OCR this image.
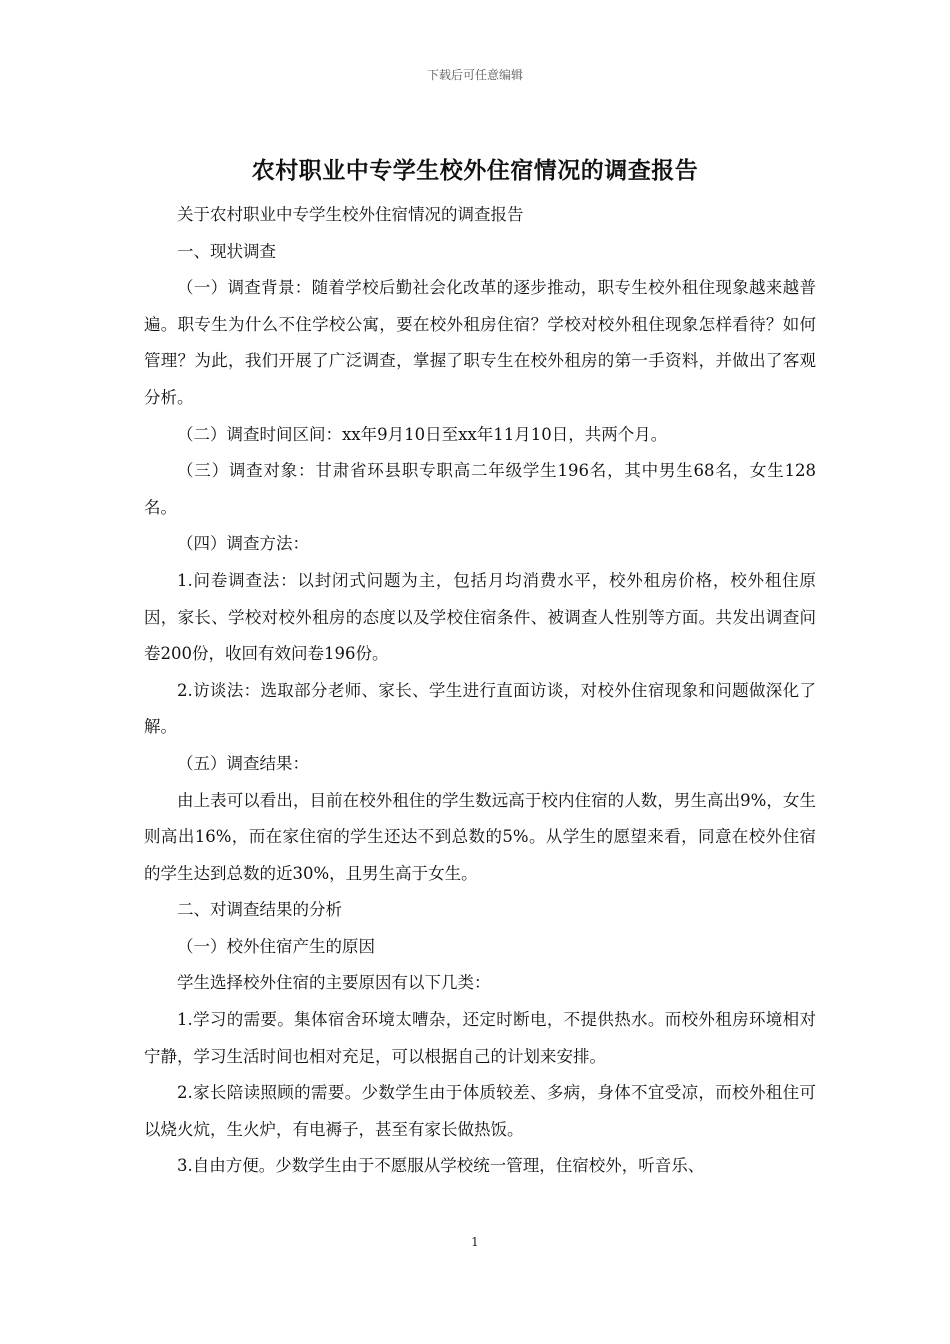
下载后可任意编辑
农村职业中专学生校外住宿情况的调查报告

关于农村职业中专学生校外住宿情况的调查报告

一、现状调查

（一）调查背景：随着学校后勤社会化改革的逐步推动，职专生校外租住现象越来越普遍。职专生为什么不住学校公寓，要在校外租房住宿？学校对校外租住现象怎样看待？如何管理？为此，我们开展了广泛调查，掌握了职专生在校外租房的第一手资料，并做出了客观分析。

（二）调查时间区间：xx年9月10日至xx年11月10日，共两个月。

（三）调查对象：甘肃省环县职专职高二年级学生196名，其中男生68名，女生128名。

（四）调查方法：

1.问卷调查法：以封闭式问题为主，包括月均消费水平，校外租房价格，校外租住原因，家长、学校对校外租房的态度以及学校住宿条件、被调查人性别等方面。共发出调查问卷200份，收回有效问卷196份。

2.访谈法：选取部分老师、家长、学生进行直面访谈，对校外住宿现象和问题做深化了解。

（五）调查结果：

由上表可以看出，目前在校外租住的学生数远高于校内住宿的人数，男生高出9%，女生则高出16%，而在家住宿的学生还达不到总数的5%。从学生的愿望来看，同意在校外住宿的学生达到总数的近30%，且男生高于女生。

二、对调查结果的分析

（一）校外住宿产生的原因

学生选择校外住宿的主要原因有以下几类：

1.学习的需要。集体宿舍环境太嘈杂，还定时断电，不提供热水。而校外租房环境相对宁静，学习生活时间也相对充足，可以根据自己的计划来安排。

2.家长陪读照顾的需要。少数学生由于体质较差、多病，身体不宜受凉，而校外租住可以烧火炕，生火炉，有电褥子，甚至有家长做热饭。

3.自由方便。少数学生由于不愿服从学校统一管理，住宿校外，听音乐、

1
